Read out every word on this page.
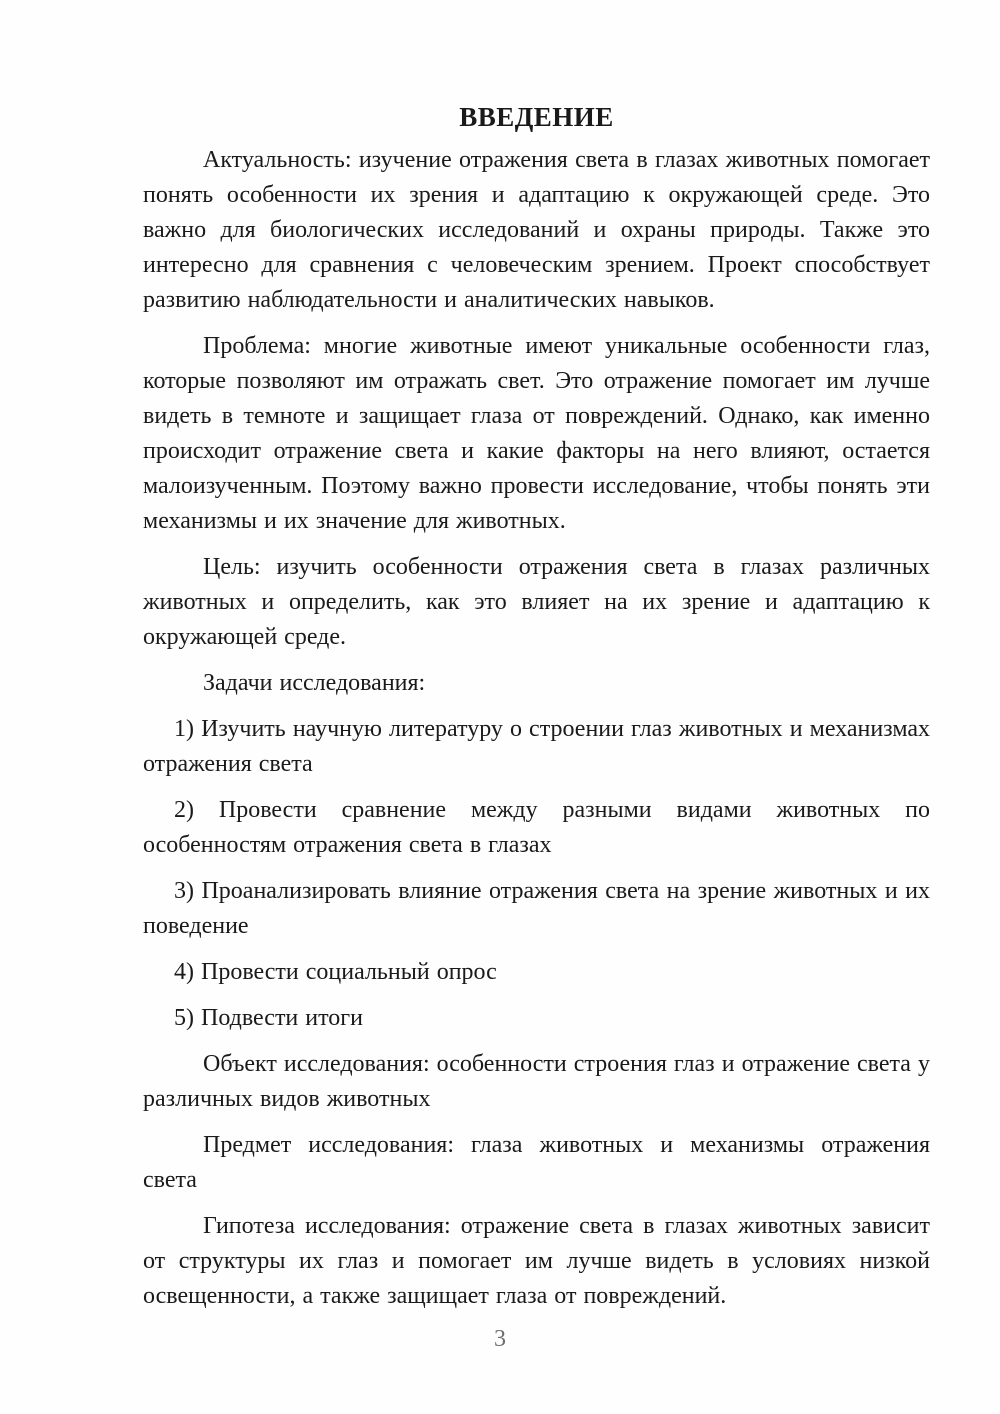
ВВЕДЕНИЕ

Актуальность: изучение отражения света в глазах животных помогает понять особенности их зрения и адаптацию к окружающей среде. Это важно для биологических исследований и охраны природы. Также это интересно для сравнения с человеческим зрением. Проект способствует развитию наблюдательности и аналитических навыков.

Проблема: многие животные имеют уникальные особенности глаз, которые позволяют им отражать свет. Это отражение помогает им лучше видеть в темноте и защищает глаза от повреждений. Однако, как именно происходит отражение света и какие факторы на него влияют, остается малоизученным. Поэтому важно провести исследование, чтобы понять эти механизмы и их значение для животных.

Цель: изучить особенности отражения света в глазах различных животных и определить, как это влияет на их зрение и адаптацию к окружающей среде.

Задачи исследования:

1) Изучить научную литературу о строении глаз животных и механизмах отражения света

2) Провести сравнение между разными видами животных по особенностям отражения света в глазах

3) Проанализировать влияние отражения света на зрение животных и их поведение

4) Провести социальный опрос

5) Подвести итоги

Объект исследования: особенности строения глаз и отражение света у различных видов животных

Предмет исследования: глаза животных и механизмы отражения света

Гипотеза исследования: отражение света в глазах животных зависит от структуры их глаз и помогает им лучше видеть в условиях низкой освещенности, а также защищает глаза от повреждений.

3
